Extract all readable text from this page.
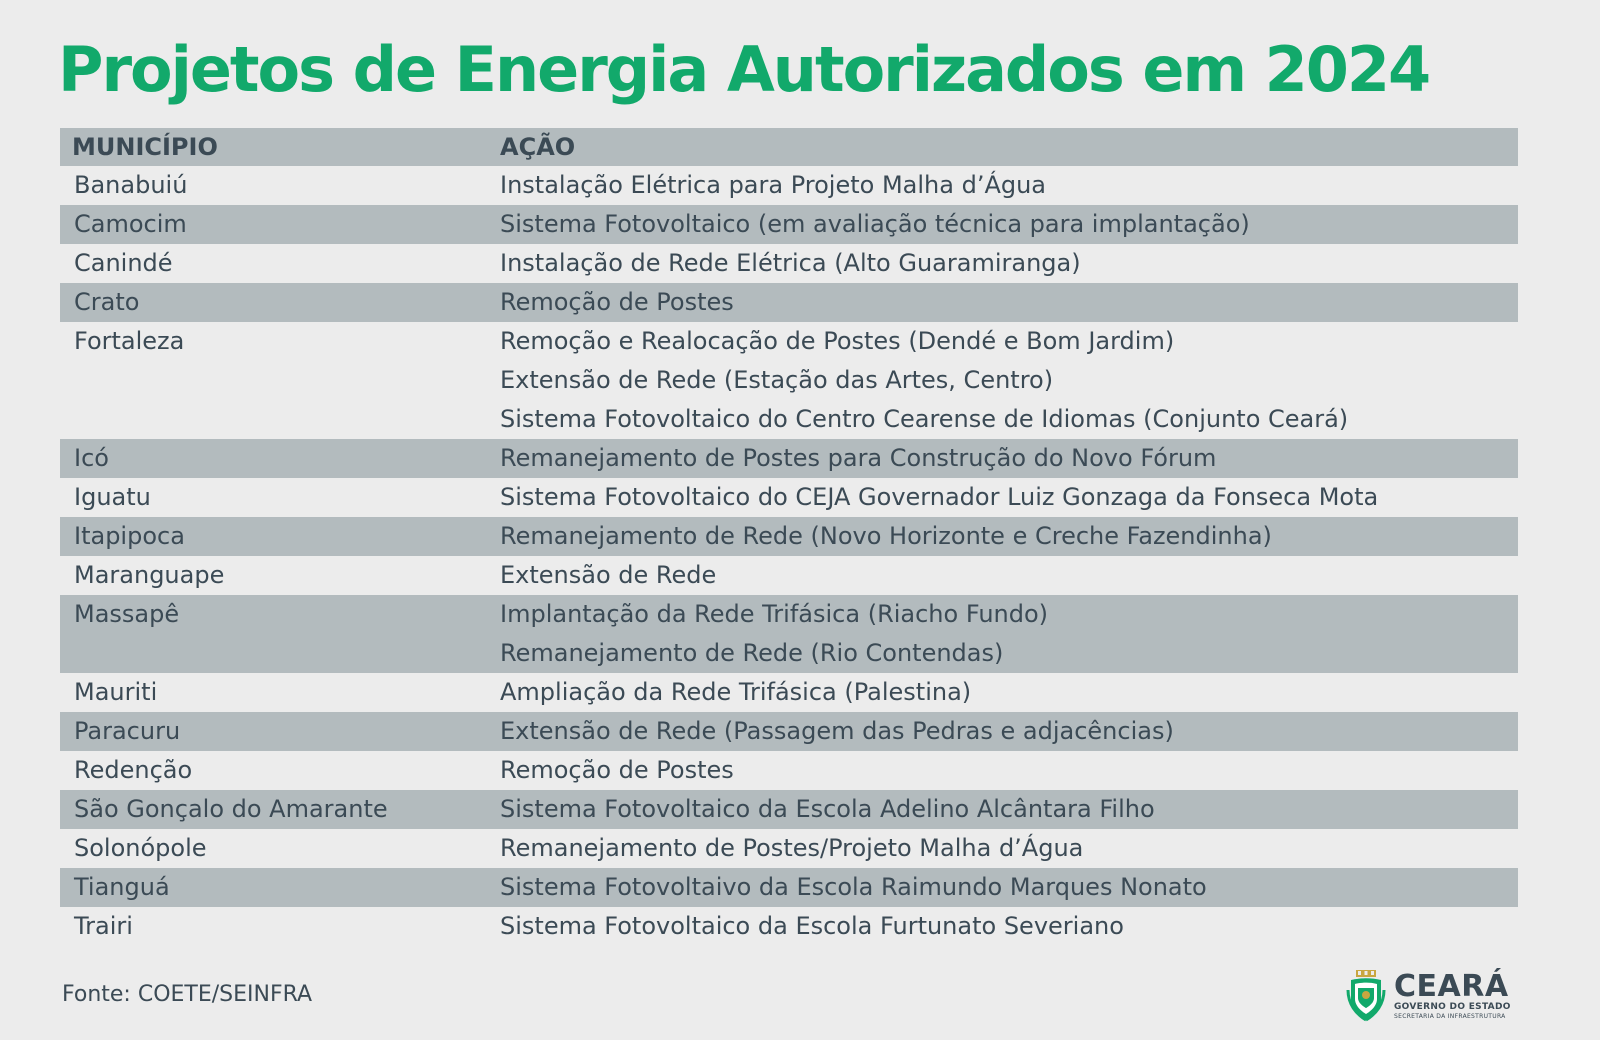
Projetos de Energia Autorizados em 2024
MUNICÍPIO	AÇÃO
Banabuiú	Instalação Elétrica para Projeto Malha d’Água
Camocim	Sistema Fotovoltaico (em avaliação técnica para implantação)
Canindé	Instalação de Rede Elétrica (Alto Guaramiranga)
Crato	Remoção de Postes
Fortaleza	Remoção e Realocação de Postes (Dendé e Bom Jardim)
Extensão de Rede (Estação das Artes, Centro)
Sistema Fotovoltaico do Centro Cearense de Idiomas (Conjunto Ceará)
Icó	Remanejamento de Postes para Construção do Novo Fórum
Iguatu	Sistema Fotovoltaico do CEJA Governador Luiz Gonzaga da Fonseca Mota
Itapipoca	Remanejamento de Rede (Novo Horizonte e Creche Fazendinha)
Maranguape	Extensão de Rede
Massapê	Implantação da Rede Trifásica (Riacho Fundo)
Remanejamento de Rede (Rio Contendas)
Mauriti	Ampliação da Rede Trifásica (Palestina)
Paracuru	Extensão de Rede (Passagem das Pedras e adjacências)
Redenção	Remoção de Postes
São Gonçalo do Amarante	Sistema Fotovoltaico da Escola Adelino Alcântara Filho
Solonópole	Remanejamento de Postes/Projeto Malha d’Água
Tianguá	Sistema Fotovoltaivo da Escola Raimundo Marques Nonato
Trairi	Sistema Fotovoltaico da Escola Furtunato Severiano
Fonte: COETE/SEINFRA	CEARÁ
GOVERNO DO ESTADO
SECRETARIA DA INFRAESTRUTURA
